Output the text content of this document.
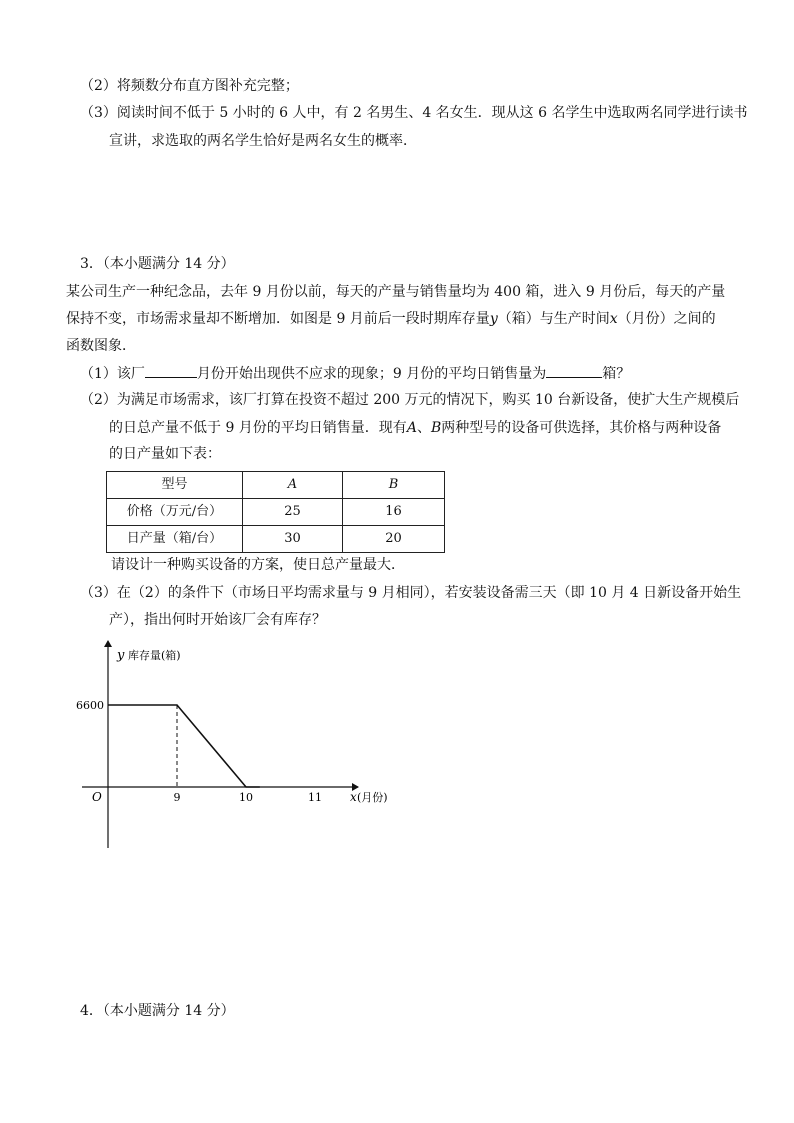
（2）将频数分布直方图补充完整；
（3）阅读时间不低于 5 小时的 6 人中，有 2 名男生、4 名女生．现从这 6 名学生中选取两名同学进行读书
宣讲，求选取的两名学生恰好是两名女生的概率．
3．（本小题满分 14 分）
某公司生产一种纪念品，去年 9 月份以前，每天的产量与销售量均为 400 箱，进入 9 月份后，每天的产量
保持不变，市场需求量却不断增加．如图是 9 月前后一段时期库存量y（箱）与生产时间x（月份）之间的
函数图象．
（1）该厂	月份开始出现供不应求的现象；9 月份的平均日销售量为	箱？
（2）为满足市场需求，该厂打算在投资不超过 200 万元的情况下，购买 10 台新设备，使扩大生产规模后
的日总产量不低于 9 月份的平均日销售量．现有A、B两种型号的设备可供选择，其价格与两种设备
的日产量如下表：
型号	A	B
价格（万元/台）	25	16
日产量（箱/台）	30	20
请设计一种购买设备的方案，使日总产量最大．
（3）在（2）的条件下（市场日平均需求量与 9 月相同），若安装设备需三天（即 10 月 4 日新设备开始生
产），指出何时开始该厂会有库存？
y 库存量(箱)
x (月份)
O	9	10	11
6600
4．（本小题满分 14 分）
